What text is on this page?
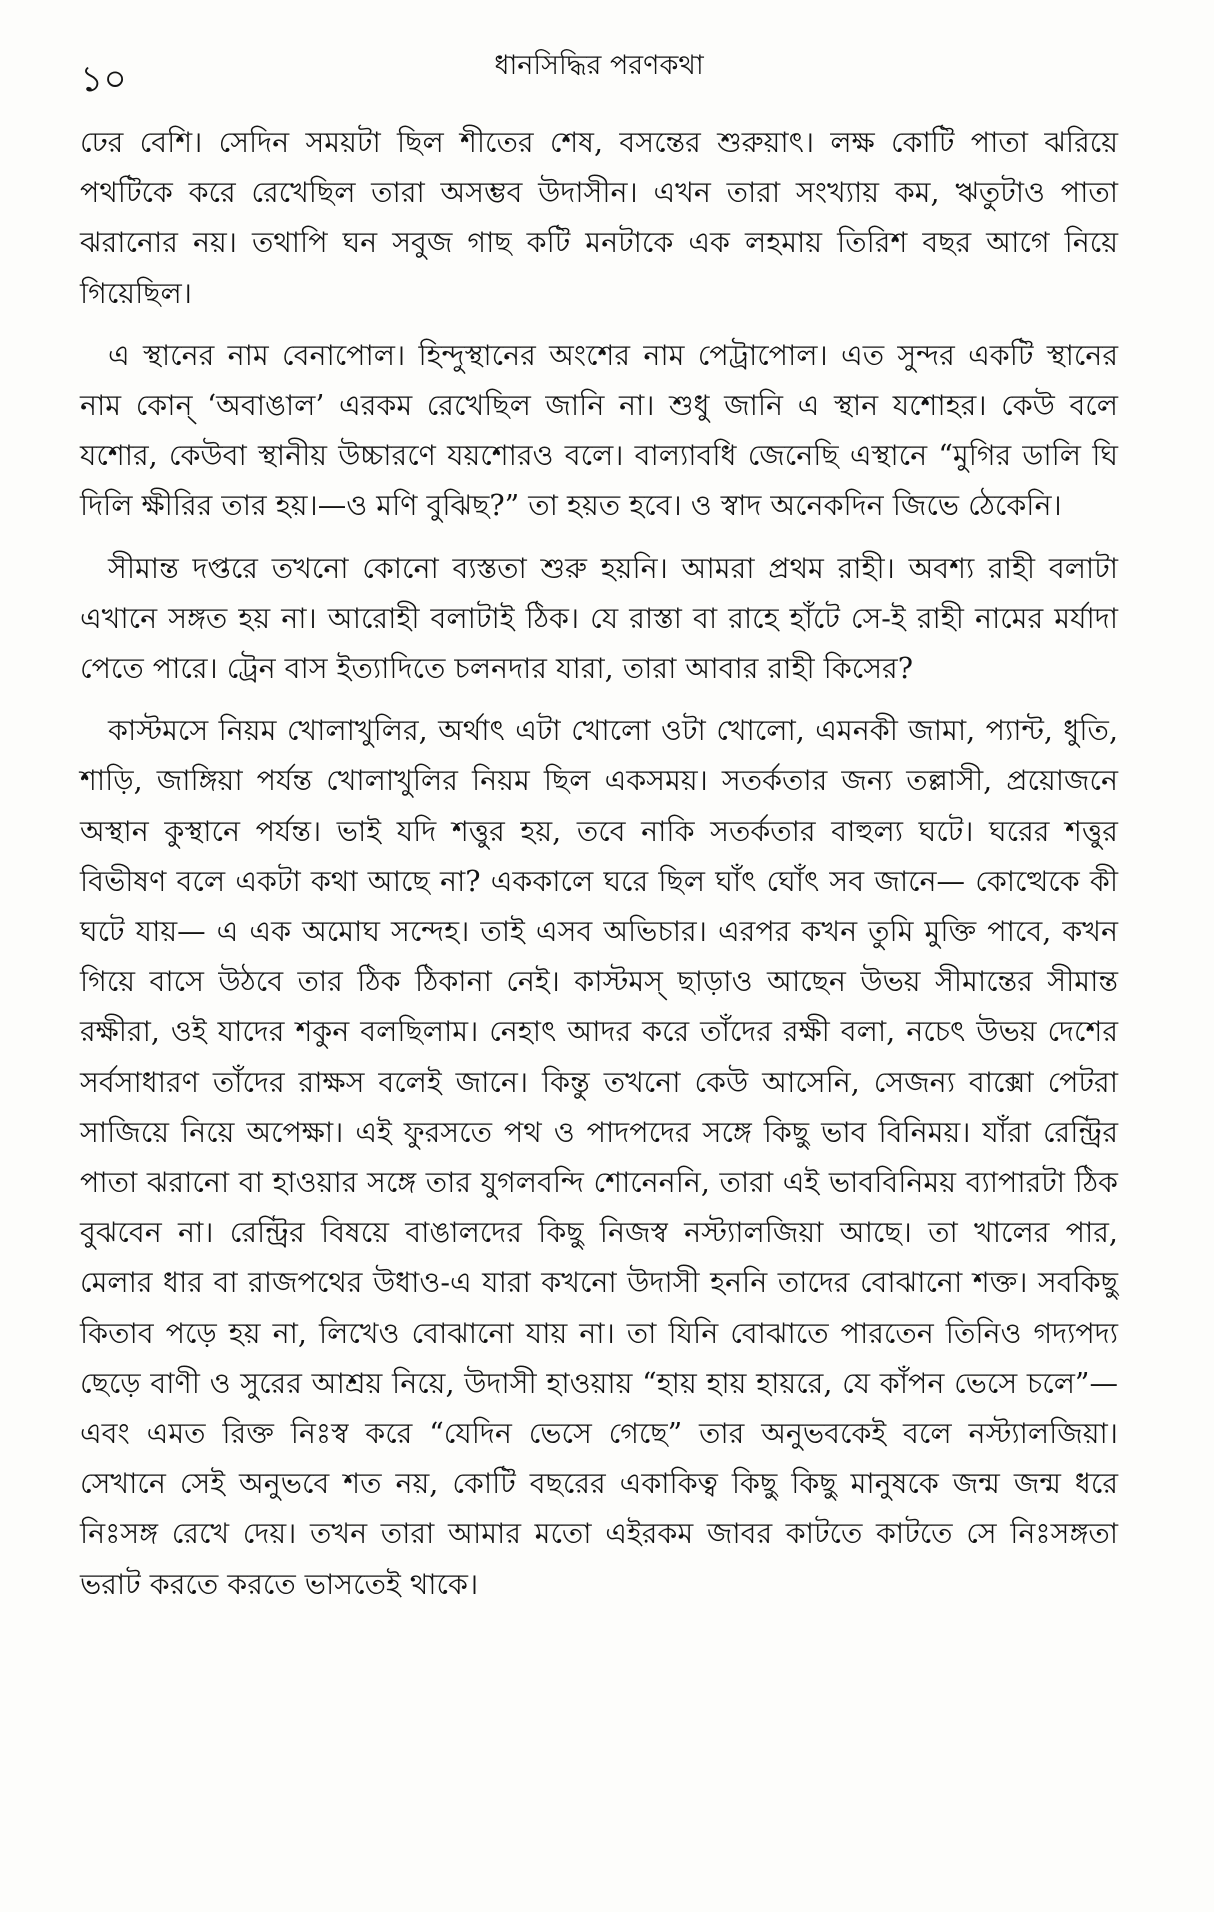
১০	ধানসিদ্ধির পরণকথা

ঢের বেশি। সেদিন সময়টা ছিল শীতের শেষ, বসন্তের শুরুয়াৎ। লক্ষ কোটি পাতা ঝরিয়ে পথটিকে করে রেখেছিল তারা অসম্ভব উদাসীন। এখন তারা সংখ্যায় কম, ঋতুটাও পাতা ঝরানোর নয়। তথাপি ঘন সবুজ গাছ কটি মনটাকে এক লহমায় তিরিশ বছর আগে নিয়ে গিয়েছিল।

এ স্থানের নাম বেনাপোল। হিন্দুস্থানের অংশের নাম পেট্রাপোল। এত সুন্দর একটি স্থানের নাম কোন্ ‘অবাঙাল’ এরকম রেখেছিল জানি না। শুধু জানি এ স্থান যশোহর। কেউ বলে যশোর, কেউবা স্থানীয় উচ্চারণে যয়শোরও বলে। বাল্যাবধি জেনেছি এস্থানে “মুগির ডালি ঘি দিলি ক্ষীরির তার হয়।—ও মণি বুঝিছ?” তা হয়ত হবে। ও স্বাদ অনেকদিন জিভে ঠেকেনি।

সীমান্ত দপ্তরে তখনো কোনো ব্যস্ততা শুরু হয়নি। আমরা প্রথম রাহী। অবশ্য রাহী বলাটা এখানে সঙ্গত হয় না। আরোহী বলাটাই ঠিক। যে রাস্তা বা রাহে হাঁটে সে-ই রাহী নামের মর্যাদা পেতে পারে। ট্রেন বাস ইত্যাদিতে চলনদার যারা, তারা আবার রাহী কিসের?

কাস্টমসে নিয়ম খোলাখুলির, অর্থাৎ এটা খোলো ওটা খোলো, এমনকী জামা, প্যান্ট, ধুতি, শাড়ি, জাঙ্গিয়া পর্যন্ত খোলাখুলির নিয়ম ছিল একসময়। সতর্কতার জন্য তল্লাসী, প্রয়োজনে অস্থান কুস্থানে পর্যন্ত। ভাই যদি শত্তুর হয়, তবে নাকি সতর্কতার বাহুল্য ঘটে। ঘরের শত্তুর বিভীষণ বলে একটা কথা আছে না? এককালে ঘরে ছিল ঘাঁৎ ঘোঁৎ সব জানে— কোত্থেকে কী ঘটে যায়— এ এক অমোঘ সন্দেহ। তাই এসব অভিচার। এরপর কখন তুমি মুক্তি পাবে, কখন গিয়ে বাসে উঠবে তার ঠিক ঠিকানা নেই। কাস্টমস্ ছাড়াও আছেন উভয় সীমান্তের সীমান্ত রক্ষীরা, ওই যাদের শকুন বলছিলাম। নেহাৎ আদর করে তাঁদের রক্ষী বলা, নচেৎ উভয় দেশের সর্বসাধারণ তাঁদের রাক্ষস বলেই জানে। কিন্তু তখনো কেউ আসেনি, সেজন্য বাক্সো পেটরা সাজিয়ে নিয়ে অপেক্ষা। এই ফুরসতে পথ ও পাদপদের সঙ্গে কিছু ভাব বিনিময়। যাঁরা রেন্ট্রির পাতা ঝরানো বা হাওয়ার সঙ্গে তার যুগলবন্দি শোনেননি, তারা এই ভাববিনিময় ব্যাপারটা ঠিক বুঝবেন না। রেন্ট্রির বিষয়ে বাঙালদের কিছু নিজস্ব নস্ট্যালজিয়া আছে। তা খালের পার, মেলার ধার বা রাজপথের উধাও-এ যারা কখনো উদাসী হননি তাদের বোঝানো শক্ত। সবকিছু কিতাব পড়ে হয় না, লিখেও বোঝানো যায় না। তা যিনি বোঝাতে পারতেন তিনিও গদ্যপদ্য ছেড়ে বাণী ও সুরের আশ্রয় নিয়ে, উদাসী হাওয়ায় “হায় হায় হায়রে, যে কাঁপন ভেসে চলে”— এবং এমত রিক্ত নিঃস্ব করে “যেদিন ভেসে গেছে” তার অনুভবকেই বলে নস্ট্যালজিয়া। সেখানে সেই অনুভবে শত নয়, কোটি বছরের একাকিত্ব কিছু কিছু মানুষকে জন্ম জন্ম ধরে নিঃসঙ্গ রেখে দেয়। তখন তারা আমার মতো এইরকম জাবর কাটতে কাটতে সে নিঃসঙ্গতা ভরাট করতে করতে ভাসতেই থাকে।
